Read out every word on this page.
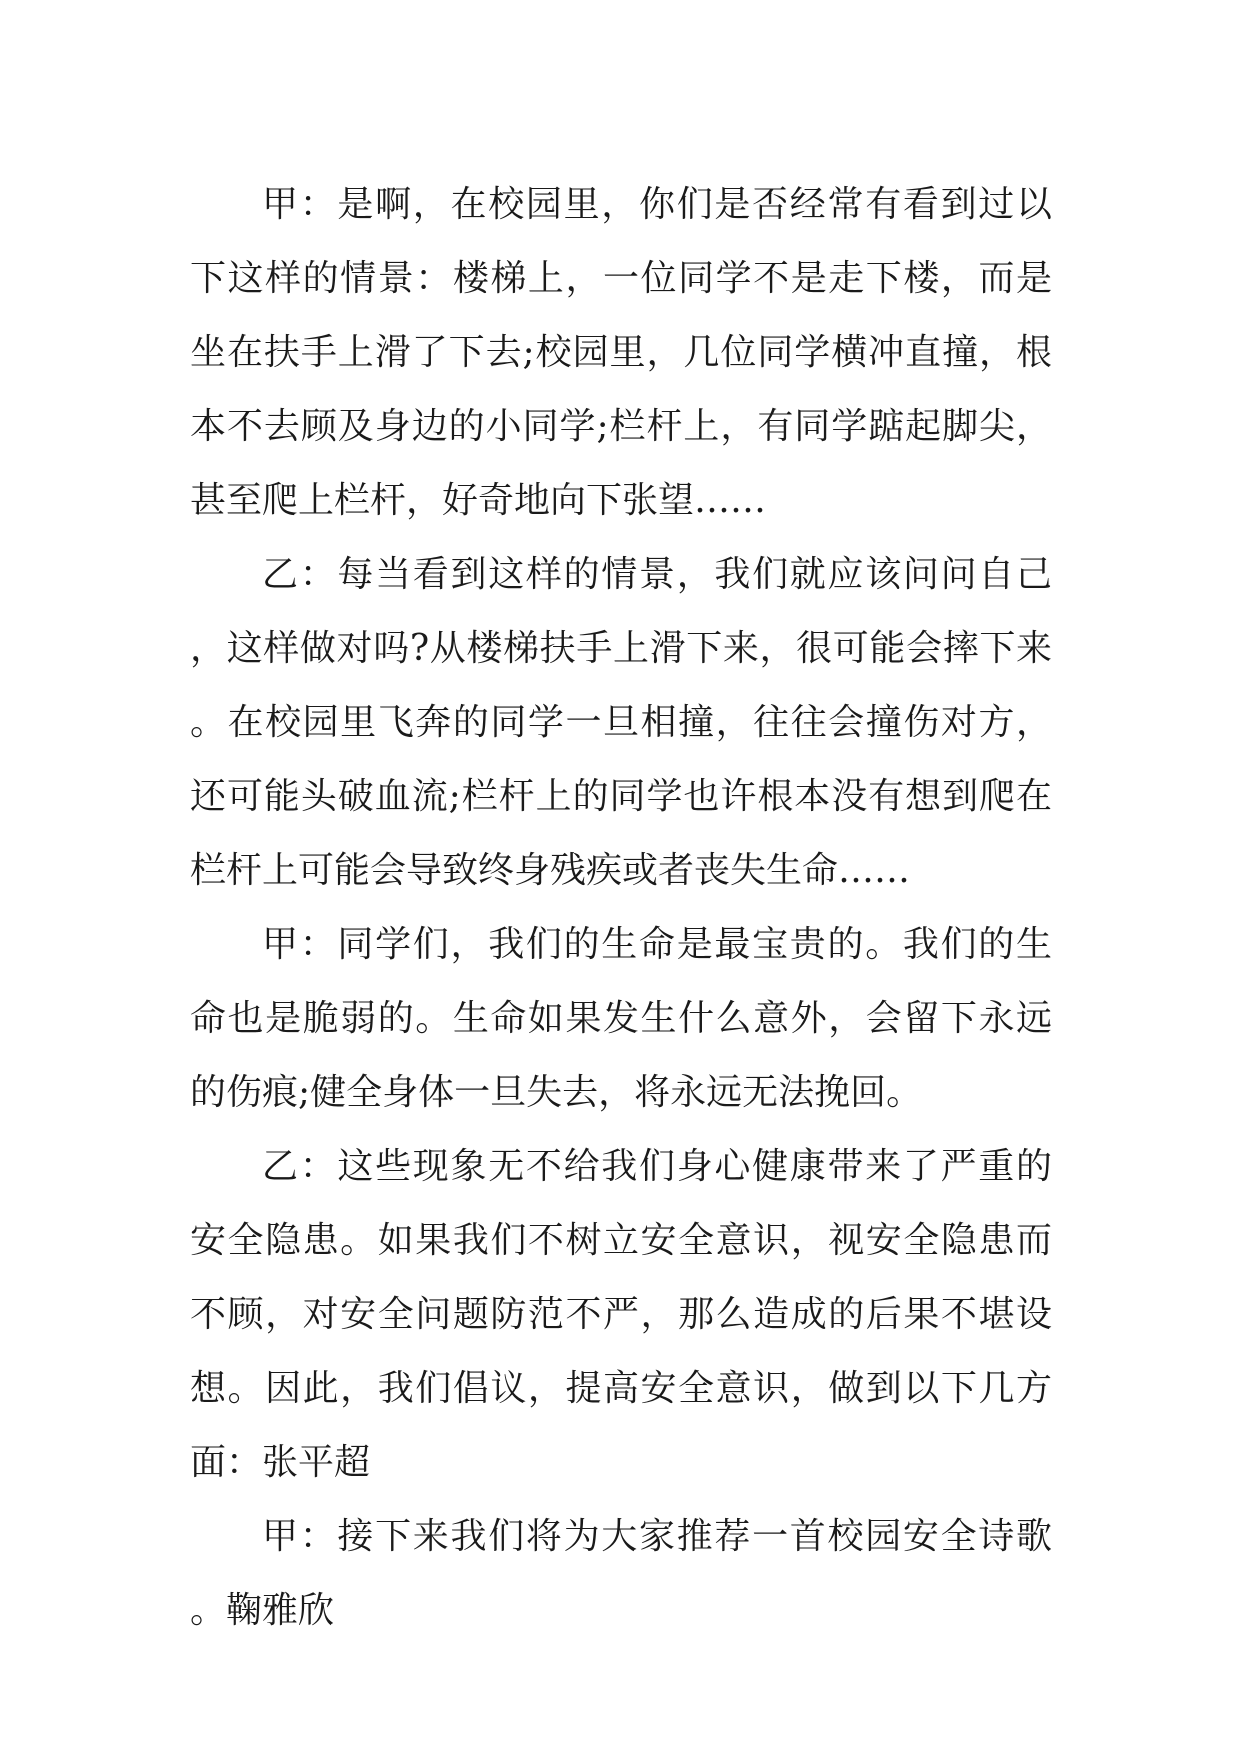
甲：是啊，在校园里，你们是否经常有看到过以下这样的情景：楼梯上，一位同学不是走下楼，而是坐在扶手上滑了下去;校园里，几位同学横冲直撞，根本不去顾及身边的小同学;栏杆上，有同学踮起脚尖，甚至爬上栏杆，好奇地向下张望……

乙：每当看到这样的情景，我们就应该问问自己，这样做对吗?从楼梯扶手上滑下来，很可能会摔下来。在校园里飞奔的同学一旦相撞，往往会撞伤对方，还可能头破血流;栏杆上的同学也许根本没有想到爬在栏杆上可能会导致终身残疾或者丧失生命……

甲：同学们，我们的生命是最宝贵的。我们的生命也是脆弱的。生命如果发生什么意外，会留下永远的伤痕;健全身体一旦失去，将永远无法挽回。

乙：这些现象无不给我们身心健康带来了严重的安全隐患。如果我们不树立安全意识，视安全隐患而不顾，对安全问题防范不严，那么造成的后果不堪设想。因此，我们倡议，提高安全意识，做到以下几方面：张平超

甲：接下来我们将为大家推荐一首校园安全诗歌。鞠雅欣
